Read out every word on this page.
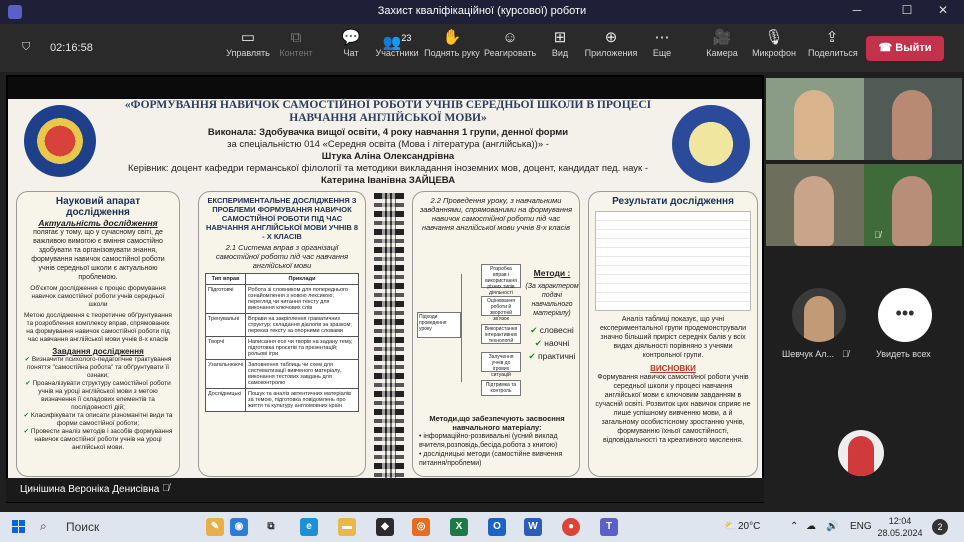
Захист кваліфікаційної (курсової) роботи	─	☐	✕
⛉ 02:16:58
▭
Управлять
⧉
Контент
💬
Чат
👥$^{23}$
Участники
✋
Поднять руку
☺
Реагировать
⊞
Вид
⊕
Приложения
⋯
Еще
🎥
Камера
🎙
Микрофон
⇪
Поделиться	☎ Выйти
«ФОРМУВАННЯ НАВИЧОК САМОСТІЙНОЇ РОБОТИ УЧНІВ СЕРЕДНЬОЇ ШКОЛИ В ПРОЦЕСІ НАВЧАННЯ АНГЛІЙСЬКОЇ МОВИ»
Виконала: Здобувачка вищої освіти, 4 року навчання 1 групи, денної форми
за спеціальністю 014 «Середня освіта (Мова і література (англійська))» -
Штука Аліна Олександрівна
Керівник: доцент кафедри германської філології та методики викладання іноземних мов, доцент, кандидат пед. наук -
Катерина Іванівна ЗАЙЦЕВА
Науковий апарат дослідження
Актуальність дослідження
полягає у тому, що у сучасному світі, де важливою вимогою є вміння самостійно здобувати та організовувати знання, формування навичок самостійної роботи учнів середньої школи є актуальною проблемою.
Об'єктом дослідження є процес формування навичок самостійної роботи учнів середньої школи
Метою дослідження є теоретичне обґрунтування та розроблення комплексу вправ, спрямованих на формування навичок самостійної роботи під час навчання англійської мови учнів 8-х класів
Завдання дослідження
✔ Визначити психолого-педагогічне трактування поняття "самостійна робота" та обґрунтувати її ознаки;
✔ Проаналізувати структуру самостійної роботи учнів на уроці англійської мови з метою визначення її складових елементів та послідовності дій;
✔ Класифікувати та описати різноманітні види та форми самостійної роботи;
✔ Провести аналіз методів і засобів формування навичок самостійної роботи учнів на уроці англійської мови.
ЕКСПЕРИМЕНТАЛЬНЕ ДОСЛІДЖЕННЯ З ПРОБЛЕМИ ФОРМУВАННЯ НАВИЧОК САМОСТІЙНОЇ РОБОТИ ПІД ЧАС НАВЧАННЯ АНГЛІЙСЬКОЇ МОВИ УЧНІВ 8 - Х КЛАСІВ
2.1 Система вправ з організації самостійної роботи під час навчання англійської мови
Тип вправ	Приклади
Підготовчі	Робота зі словником для попереднього ознайомлення з новою лексикою; перегляд чи читання тексту для виконання ключових слів
Тренувальні	Вправи на закріплення граматичних структур; складання діалогів за зразком; переказ тексту за опорними словами
Творчі	Написання есе чи творів на задану тему, підготовка проєктів та презентацій; рольові ігри
Узагальнюючі	Заповнення таблиць чи схем для систематизації вивченого матеріалу, виконання тестових завдань для самоконтролю
Дослідницькі	Пошук та аналіз автентичних матеріалів за темою, підготовка повідомлень про життя та культуру англомовних країн
2.2 Проведення уроку, з навчальними завданнями, спрямованими на формування навичок самостійної роботи під час навчання англійської мови учнів 8-х класів
Підходи проведення уроку
Розробка вправ і використання різних типів діяльності
Оцінювання роботи й зворотній зв'язок
Використання інтерактивних технологій
Залучення учнів до ігрових ситуацій
Підтримка та контроль
Методи :
(За характером подачі навчального матеріалу)
✔ словесні
✔ наочні
✔ практичні
Методи,що забезпечують засвоєння навчального матеріалу:
• інформаційно-розвивальні (усний виклад вчителя,розповідь,бесіда,робота з книгою)
• дослідницькі методи (самостійне вивчення питання/проблеми)
Результати дослідження
Аналіз таблиці показує, що учні експериментальної групи продемонстрували значно більший приріст середніх балів у всіх видах діяльності порівняно з учнями контрольної групи.
ВИСНОВКИ
Формування навичок самостійної роботи учнів середньої школи у процесі навчання англійської мови є ключовим завданням в сучасній освіті. Розвиток цих навичок сприяє не лише успішному вивченню мови, а й загальному особистісному зростанню учнів, формуванню їхньої самостійності, відповідальності та креативного мислення.
Цинішина Вероніка Денисівна 🎙̸
🎙̸
Шевчук Ал... 🎙̸
•••
Увидеть всех
⌕ Поиск	✎	◉	⧉	e	▬	◆	◎	X	O	W	●	T	⛅ 20°C	⌃ ☁ 🔊 ENG	12:04
28.05.2024
2
